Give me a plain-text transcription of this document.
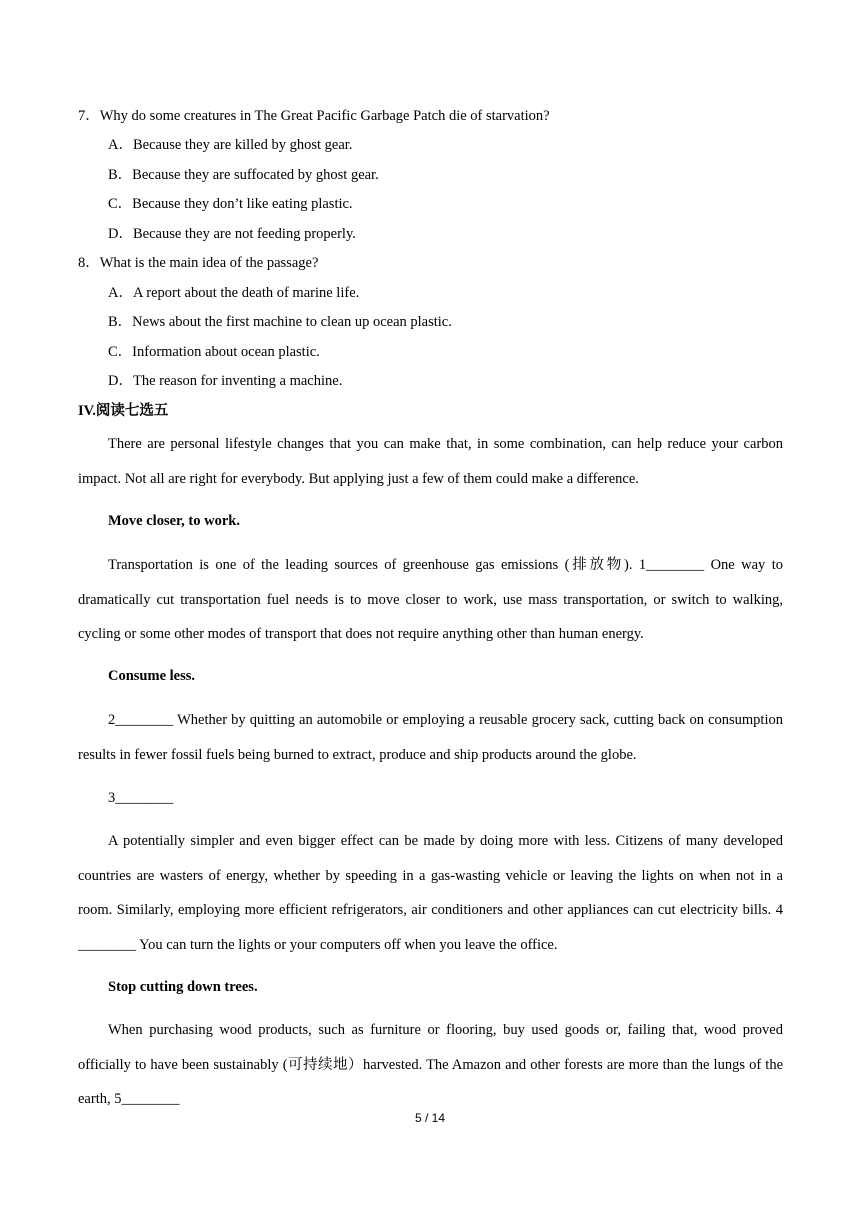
7．Why do some creatures in The Great Pacific Garbage Patch die of starvation?
A．Because they are killed by ghost gear.
B．Because they are suffocated by ghost gear.
C．Because they don’t like eating plastic.
D．Because they are not feeding properly.
8．What is the main idea of the passage?
A．A report about the death of marine life.
B．News about the first machine to clean up ocean plastic.
C．Information about ocean plastic.
D．The reason for inventing a machine.
IV.阅读七选五
There are personal lifestyle changes that you can make that, in some combination, can help reduce your carbon impact. Not all are right for everybody. But applying just a few of them could make a difference.
Move closer, to work.
Transportation is one of the leading sources of greenhouse gas emissions (排放物). 1________ One way to dramatically cut transportation fuel needs is to move closer to work, use mass transportation, or switch to walking, cycling or some other modes of transport that does not require anything other than human energy.
Consume less.
2________ Whether by quitting an automobile or employing a reusable grocery sack, cutting back on consumption results in fewer fossil fuels being burned to extract, produce and ship products around the globe.
3________
A potentially simpler and even bigger effect can be made by doing more with less. Citizens of many developed countries are wasters of energy, whether by speeding in a gas-wasting vehicle or leaving the lights on when not in a room. Similarly, employing more efficient refrigerators, air conditioners and other appliances can cut electricity bills. 4 ________ You can turn the lights or your computers off when you leave the office.
Stop cutting down trees.
When purchasing wood products, such as furniture or flooring, buy used goods or, failing that, wood proved officially to have been sustainably (可持续地）harvested. The Amazon and other forests are more than the lungs of the earth, 5________
5 / 14
